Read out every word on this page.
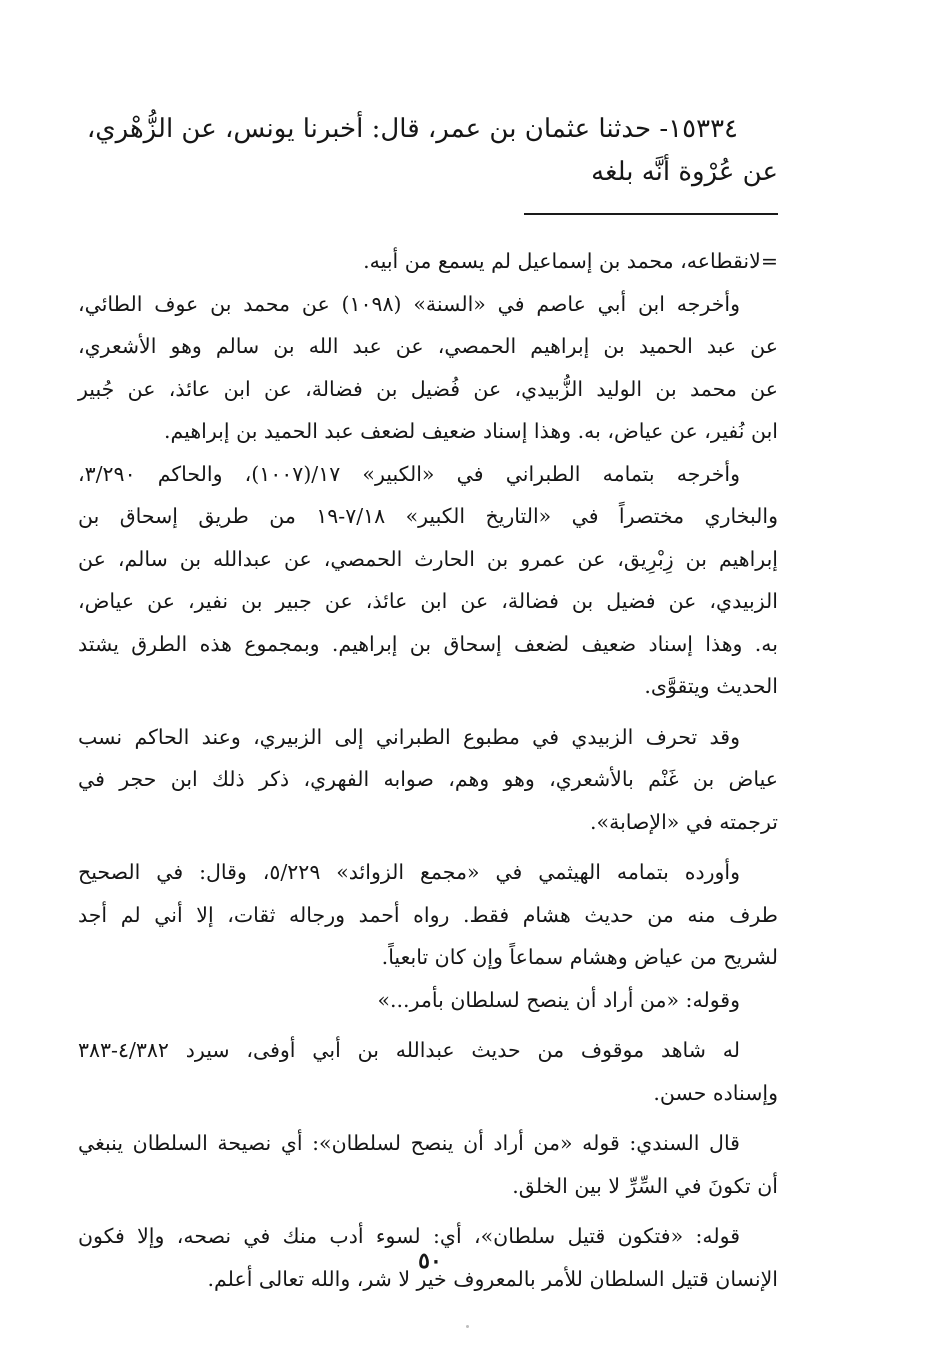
١٥٣٣٤- حدثنا عثمان بن عمر، قال: أخبرنا يونس، عن الزُّهْري،
عن عُرْوة أنَّه بلغه

=لانقطاعه، محمد بن إسماعيل لم يسمع من أبيه.

وأخرجه ابن أبي عاصم في «السنة» (١٠٩٨) عن محمد بن عوف الطائي،
عن عبد الحميد بن إبراهيم الحمصي، عن عبد الله بن سالم وهو الأشعري،
عن محمد بن الوليد الزُّبيدي، عن فُضيل بن فضالة، عن ابن عائذ، عن جُبير
ابن نُفير، عن عياض، به. وهذا إسناد ضعيف لضعف عبد الحميد بن إبراهيم.

وأخرجه بتمامه الطبراني في «الكبير» ١٧/(١٠٠٧)، والحاكم ٣/٢٩٠،
والبخاري مختصراً في «التاريخ الكبير» ٧/١٨-١٩ من طريق إسحاق بن
إبراهيم بن زِبْرِيق، عن عمرو بن الحارث الحمصي، عن عبدالله بن سالم، عن
الزبيدي، عن فضيل بن فضالة، عن ابن عائذ، عن جبير بن نفير، عن عياض،
به. وهذا إسناد ضعيف لضعف إسحاق بن إبراهيم. وبمجموع هذه الطرق يشتد
الحديث ويتقوَّى.

وقد تحرف الزبيدي في مطبوع الطبراني إلى الزبيري، وعند الحاكم نسب
عياض بن غَنْم بالأشعري، وهو وهم، صوابه الفهري، ذكر ذلك ابن حجر في
ترجمته في «الإصابة».

وأورده بتمامه الهيثمي في «مجمع الزوائد» ٥/٢٢٩، وقال: في الصحيح
طرف منه من حديث هشام فقط. رواه أحمد ورجاله ثقات، إلا أني لم أجد
لشريح من عياض وهشام سماعاً وإن كان تابعياً.

وقوله: «من أراد أن ينصح لسلطان بأمر...»

له شاهد موقوف من حديث عبدالله بن أبي أوفى، سيرد ٤/٣٨٢-٣٨٣
وإسناده حسن.

قال السندي: قوله «من أراد أن ينصح لسلطان»: أي نصيحة السلطان ينبغي
أن تكونَ في السِّرِّ لا بين الخلق.

قوله: «فتكون قتيل سلطان»، أي: لسوء أدب منك في نصحه، وإلا فكون
الإنسان قتيل السلطان للأمر بالمعروف خير لا شر، والله تعالى أعلم.

٥٠
